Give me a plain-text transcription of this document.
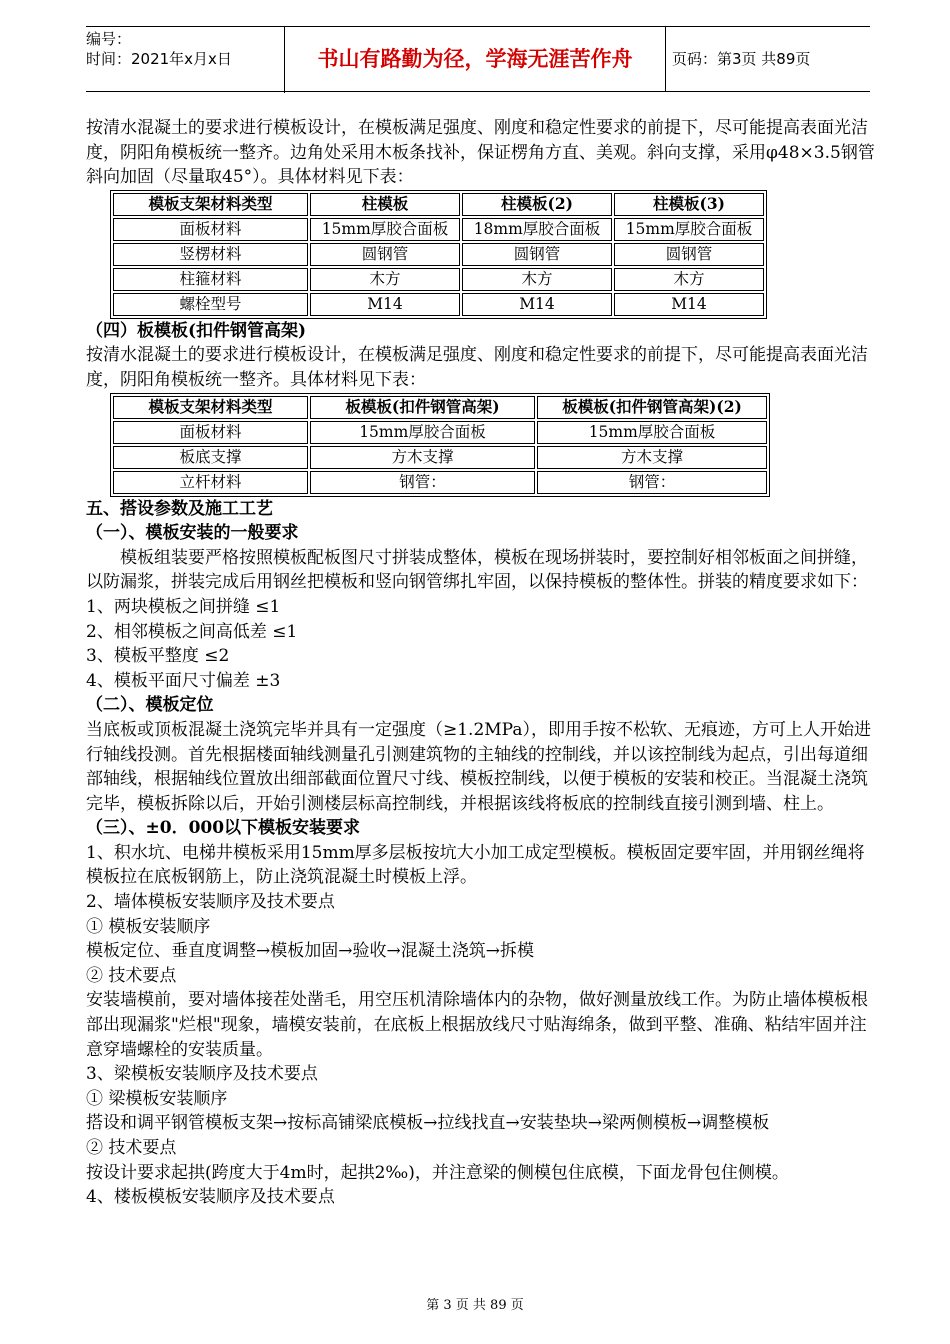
编号：
时间：2021年x月x日	书山有路勤为径，学海无涯苦作舟	页码：第3页 共89页

按清水混凝土的要求进行模板设计，在模板满足强度、刚度和稳定性要求的前提下，尽可能提高表面光洁度，阴阳角模板统一整齐。边角处采用木板条找补，保证楞角方直、美观。斜向支撑，采用φ48×3.5钢管斜向加固（尽量取45°）。具体材料见下表：

模板支架材料类型	柱模板	柱模板(2)	柱模板(3)
面板材料	15mm厚胶合面板	18mm厚胶合面板	15mm厚胶合面板
竖楞材料	圆钢管	圆钢管	圆钢管
柱箍材料	木方	木方	木方
螺栓型号	M14	M14	M14

（四）板模板(扣件钢管高架)

按清水混凝土的要求进行模板设计，在模板满足强度、刚度和稳定性要求的前提下，尽可能提高表面光洁度，阴阳角模板统一整齐。具体材料见下表：

模板支架材料类型	板模板(扣件钢管高架)	板模板(扣件钢管高架)(2)
面板材料	15mm厚胶合面板	15mm厚胶合面板
板底支撑	方木支撑	方木支撑
立杆材料	钢管：	钢管：

五、搭设参数及施工工艺

（一）、模板安装的一般要求

模板组装要严格按照模板配板图尺寸拼装成整体，模板在现场拼装时，要控制好相邻板面之间拼缝，以防漏浆，拼装完成后用钢丝把模板和竖向钢管绑扎牢固，以保持模板的整体性。拼装的精度要求如下：

1、两块模板之间拼缝 ≤1

2、相邻模板之间高低差 ≤1

3、模板平整度 ≤2

4、模板平面尺寸偏差 ±3

（二）、模板定位

当底板或顶板混凝土浇筑完毕并具有一定强度（≥1.2MPa），即用手按不松软、无痕迹，方可上人开始进行轴线投测。首先根据楼面轴线测量孔引测建筑物的主轴线的控制线，并以该控制线为起点，引出每道细部轴线，根据轴线位置放出细部截面位置尺寸线、模板控制线，以便于模板的安装和校正。当混凝土浇筑完毕，模板拆除以后，开始引测楼层标高控制线，并根据该线将板底的控制线直接引测到墙、柱上。

（三）、±0．000以下模板安装要求

1、积水坑、电梯井模板采用15mm厚多层板按坑大小加工成定型模板。模板固定要牢固，并用钢丝绳将模板拉在底板钢筋上，防止浇筑混凝土时模板上浮。

2、墙体模板安装顺序及技术要点

① 模板安装顺序

模板定位、垂直度调整→模板加固→验收→混凝土浇筑→拆模

② 技术要点

安装墙模前，要对墙体接茬处凿毛，用空压机清除墙体内的杂物，做好测量放线工作。为防止墙体模板根部出现漏浆"烂根"现象，墙模安装前，在底板上根据放线尺寸贴海绵条，做到平整、准确、粘结牢固并注意穿墙螺栓的安装质量。

3、梁模板安装顺序及技术要点

① 梁模板安装顺序

搭设和调平钢管模板支架→按标高铺梁底模板→拉线找直→安装垫块→梁两侧模板→调整模板

② 技术要点

按设计要求起拱(跨度大于4m时，起拱2‰)，并注意梁的侧模包住底模，下面龙骨包住侧模。

4、楼板模板安装顺序及技术要点

第 3 页 共 89 页
